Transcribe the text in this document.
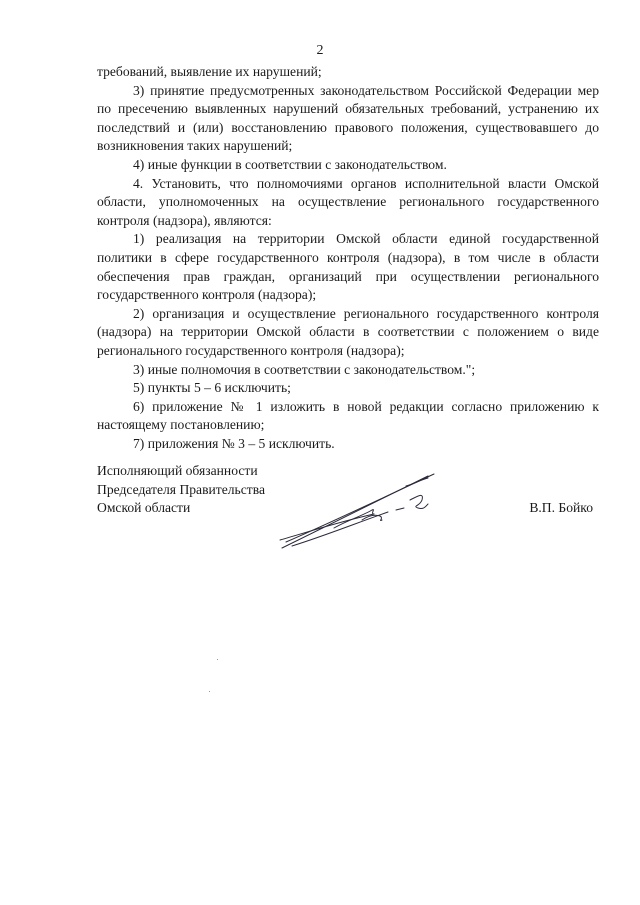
2

требований, выявление их нарушений;

3) принятие предусмотренных законодательством Российской Федерации мер по пресечению выявленных нарушений обязательных требований, устранению их последствий и (или) восстановлению правового положения, существовавшего до возникновения таких нарушений;

4) иные функции в соответствии с законодательством.

4. Установить, что полномочиями органов исполнительной власти Омской области, уполномоченных на осуществление регионального государственного контроля (надзора), являются:

1) реализация на территории Омской области единой государственной политики в сфере государственного контроля (надзора), в том числе в области обеспечения прав граждан, организаций при осуществлении регионального государственного контроля (надзора);

2) организация и осуществление регионального государственного контроля (надзора) на территории Омской области в соответствии с положением о виде регионального государственного контроля (надзора);

3) иные полномочия в соответствии с законодательством.";

5) пункты 5 – 6 исключить;

6) приложение № 1 изложить в новой редакции согласно приложению к настоящему постановлению;

7) приложения № 3 – 5 исключить.

Исполняющий обязанности
Председателя Правительства
Омской области	В.П. Бойко
